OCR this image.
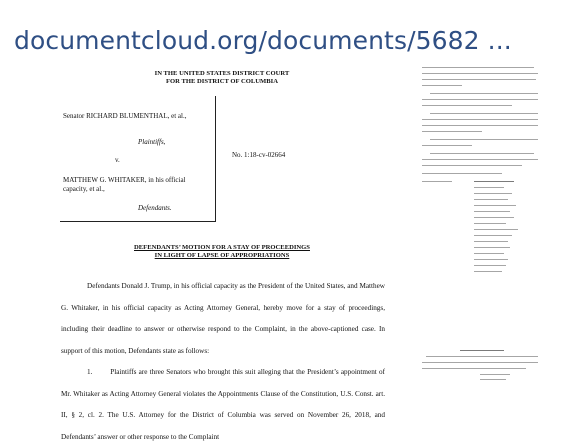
documentcloud.org/documents/5682 ...
IN THE UNITED STATES DISTRICT COURT
FOR THE DISTRICT OF COLUMBIA
Senator RICHARD BLUMENTHAL, et al.,
Plaintiffs,
v.
MATTHEW G. WHITAKER, in his official capacity, et al.,
Defendants.
No. 1:18-cv-02664
DEFENDANTS’ MOTION FOR A STAY OF PROCEEDINGS
IN LIGHT OF LAPSE OF APPROPRIATIONS

Defendants Donald J. Trump, in his official capacity as the President of the United States, and Matthew G. Whitaker, in his official capacity as Acting Attorney General, hereby move for a stay of proceedings, including their deadline to answer or otherwise respond to the Complaint, in the above-captioned case. In support of this motion, Defendants state as follows:

1.        Plaintiffs are three Senators who brought this suit alleging that the President’s appointment of Mr. Whitaker as Acting Attorney General violates the Appointments Clause of the Constitution, U.S. Const. art. II, § 2, cl. 2. The U.S. Attorney for the District of Columbia was served on November 26, 2018, and Defendants’ answer or other response to the Complaint
